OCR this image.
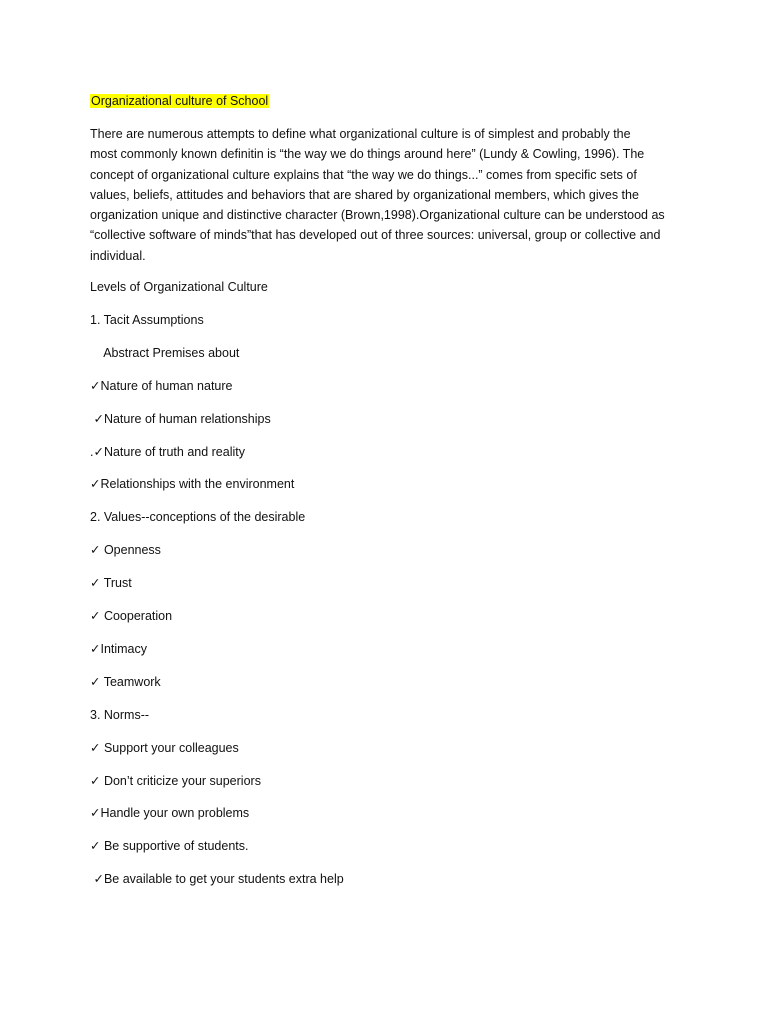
Organizational culture of School
There are numerous attempts to define what organizational culture is of simplest and probably the
most commonly known definitin is “the way we do things around here” (Lundy & Cowling, 1996). The
concept of organizational culture explains that “the way we do things...” comes from specific sets of
values, beliefs, attitudes and behaviors that are shared by organizational members, which gives the
organization unique and distinctive character (Brown,1998).Organizational culture can be understood as
“collective software of minds”that has developed out of three sources: universal, group or collective and
individual.
Levels of Organizational Culture
1. Tacit Assumptions
Abstract Premises about
✓Nature of human nature
✓Nature of human relationships
.✓Nature of truth and reality
✓Relationships with the environment
2. Values--conceptions of the desirable
✓ Openness
✓ Trust
✓ Cooperation
✓Intimacy
✓ Teamwork
3. Norms--
✓ Support your colleagues
✓ Don’t criticize your superiors
✓Handle your own problems
✓ Be supportive of students.
✓Be available to get your students extra help
